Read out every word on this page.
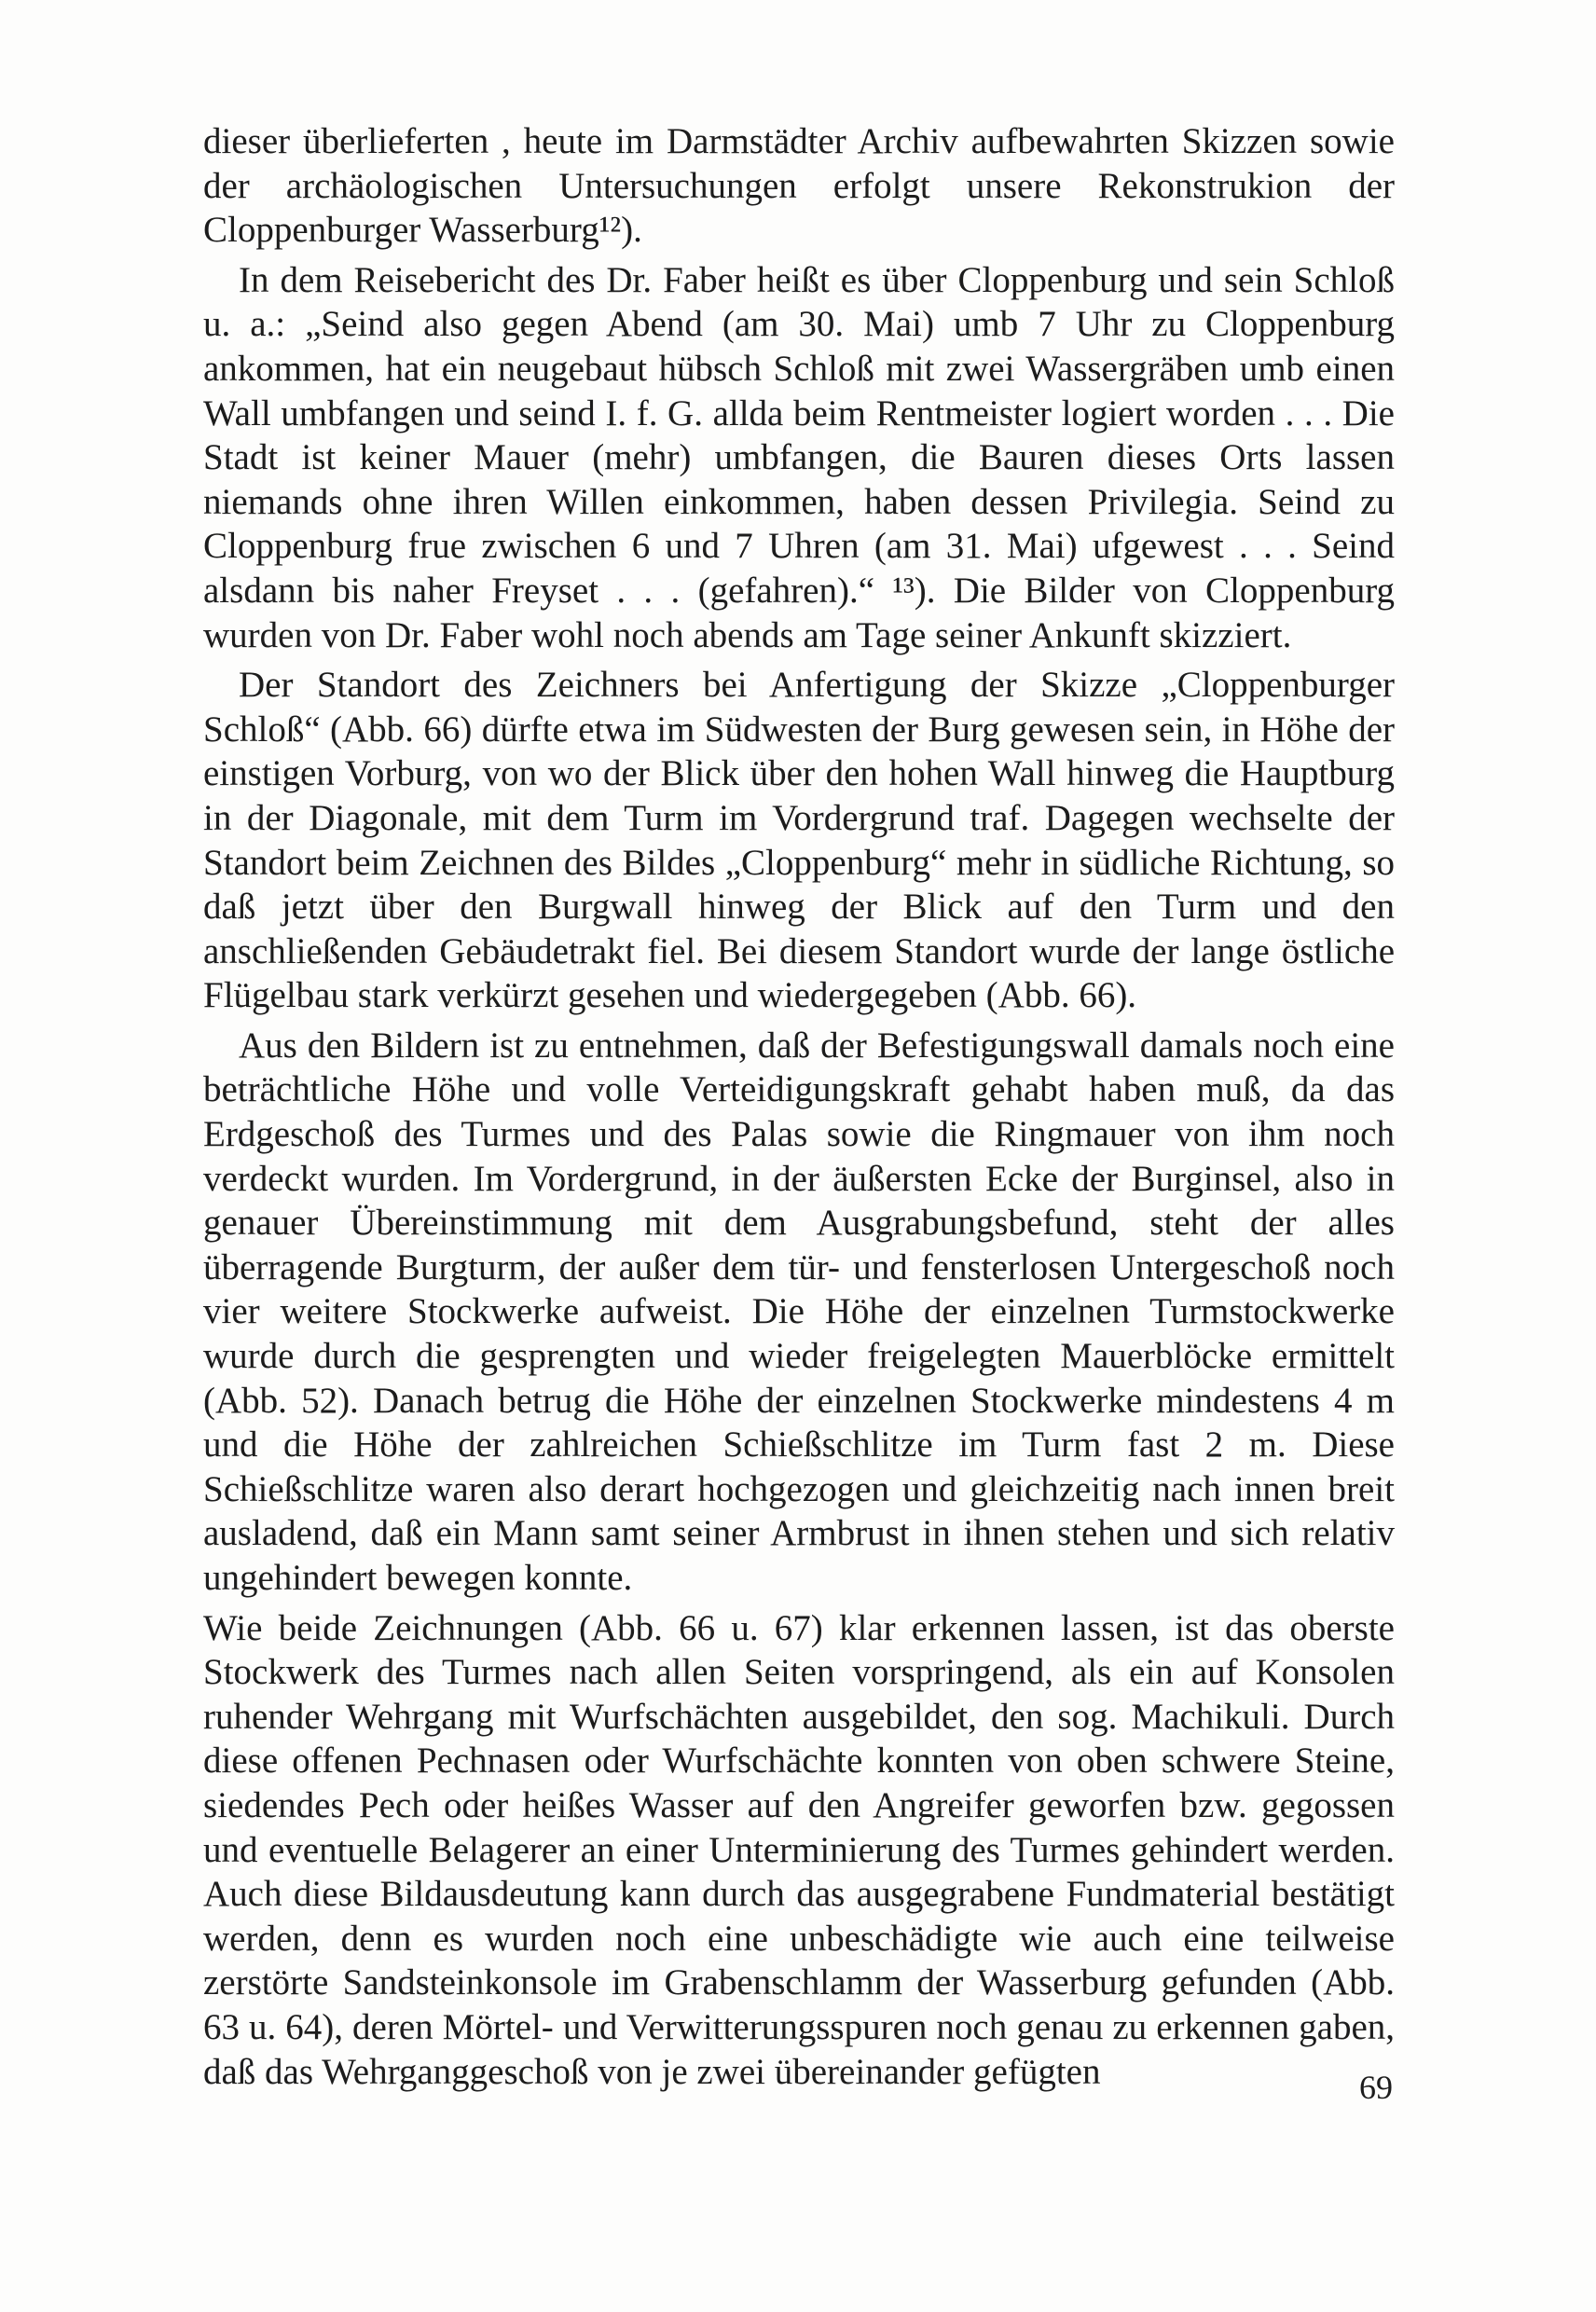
dieser überlieferten , heute im Darmstädter Archiv aufbewahrten Skizzen sowie der archäologischen Untersuchungen erfolgt unsere Rekonstrukion der Cloppenburger Wasserburg¹²).

In dem Reisebericht des Dr. Faber heißt es über Cloppenburg und sein Schloß u. a.: „Seind also gegen Abend (am 30. Mai) umb 7 Uhr zu Cloppenburg ankommen, hat ein neugebaut hübsch Schloß mit zwei Wassergräben umb einen Wall umbfangen und seind I. f. G. allda beim Rentmeister logiert worden . . . Die Stadt ist keiner Mauer (mehr) umbfangen, die Bauren dieses Orts lassen niemands ohne ihren Willen einkommen, haben dessen Privilegia. Seind zu Cloppenburg frue zwischen 6 und 7 Uhren (am 31. Mai) ufgewest . . . Seind alsdann bis naher Freyset . . . (gefahren).“ ¹³). Die Bilder von Cloppenburg wurden von Dr. Faber wohl noch abends am Tage seiner Ankunft skizziert.

Der Standort des Zeichners bei Anfertigung der Skizze „Cloppenburger Schloß“ (Abb. 66) dürfte etwa im Südwesten der Burg gewesen sein, in Höhe der einstigen Vorburg, von wo der Blick über den hohen Wall hinweg die Hauptburg in der Diagonale, mit dem Turm im Vordergrund traf. Dagegen wechselte der Standort beim Zeichnen des Bildes „Cloppenburg“ mehr in südliche Richtung, so daß jetzt über den Burgwall hinweg der Blick auf den Turm und den anschließenden Gebäudetrakt fiel. Bei diesem Standort wurde der lange östliche Flügelbau stark verkürzt gesehen und wiedergegeben (Abb. 66).

Aus den Bildern ist zu entnehmen, daß der Befestigungswall damals noch eine beträchtliche Höhe und volle Verteidigungskraft gehabt haben muß, da das Erdgeschoß des Turmes und des Palas sowie die Ringmauer von ihm noch verdeckt wurden. Im Vordergrund, in der äußersten Ecke der Burginsel, also in genauer Übereinstimmung mit dem Ausgrabungsbefund, steht der alles überragende Burgturm, der außer dem tür- und fensterlosen Untergeschoß noch vier weitere Stockwerke aufweist. Die Höhe der einzelnen Turmstockwerke wurde durch die gesprengten und wieder freigelegten Mauerblöcke ermittelt (Abb. 52). Danach betrug die Höhe der einzelnen Stockwerke mindestens 4 m und die Höhe der zahlreichen Schießschlitze im Turm fast 2 m. Diese Schießschlitze waren also derart hochgezogen und gleichzeitig nach innen breit ausladend, daß ein Mann samt seiner Armbrust in ihnen stehen und sich relativ ungehindert bewegen konnte.

Wie beide Zeichnungen (Abb. 66 u. 67) klar erkennen lassen, ist das oberste Stockwerk des Turmes nach allen Seiten vorspringend, als ein auf Konsolen ruhender Wehrgang mit Wurfschächten ausgebildet, den sog. Machikuli. Durch diese offenen Pechnasen oder Wurfschächte konnten von oben schwere Steine, siedendes Pech oder heißes Wasser auf den Angreifer geworfen bzw. gegossen und eventuelle Belagerer an einer Unterminierung des Turmes gehindert werden. Auch diese Bildausdeutung kann durch das ausgegrabene Fundmaterial bestätigt werden, denn es wurden noch eine unbeschädigte wie auch eine teilweise zerstörte Sandsteinkonsole im Grabenschlamm der Wasserburg gefunden (Abb. 63 u. 64), deren Mörtel- und Verwitterungsspuren noch genau zu erkennen gaben, daß das Wehrganggeschoß von je zwei übereinander gefügten	69
